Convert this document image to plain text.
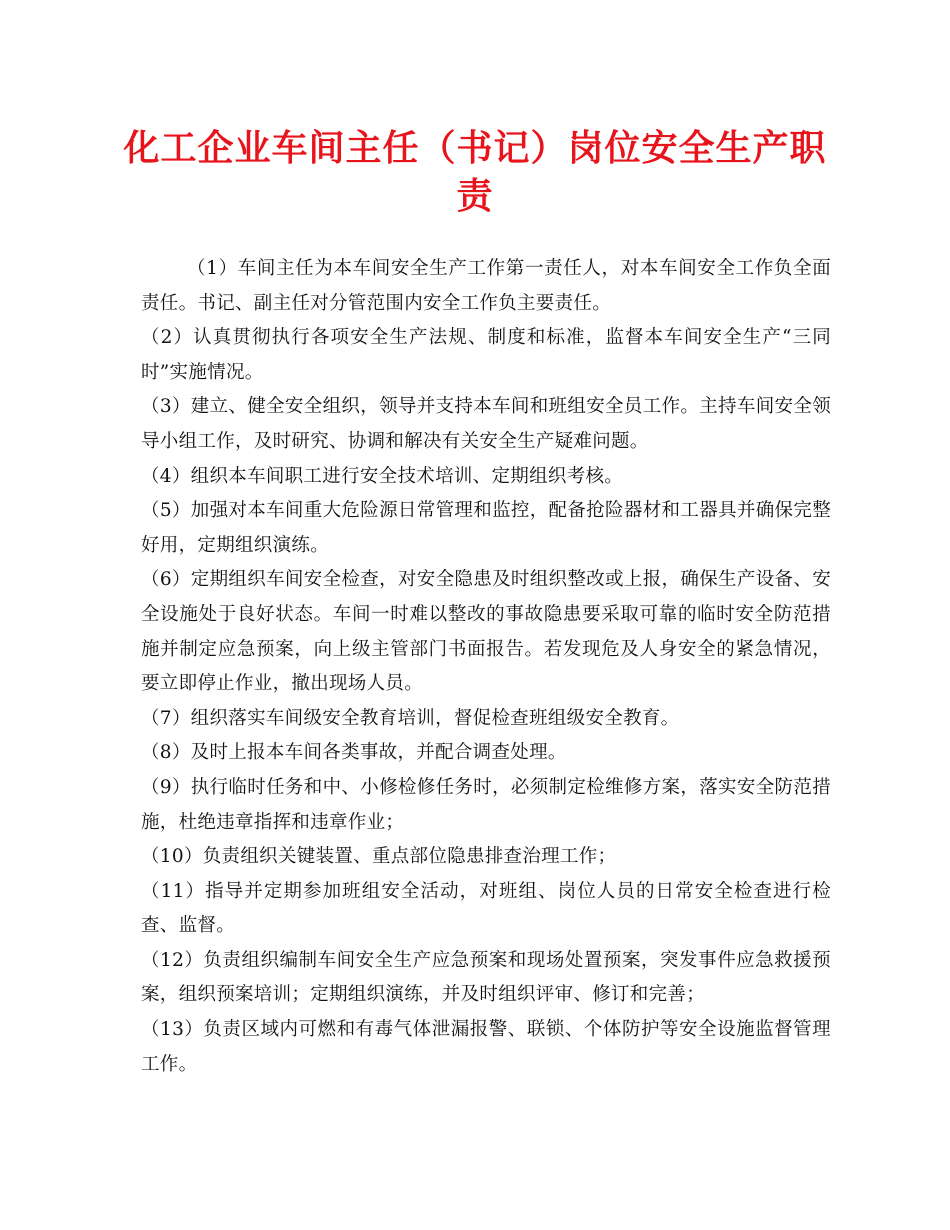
化工企业车间主任（书记）岗位安全生产职责

（1）车间主任为本车间安全生产工作第一责任人，对本车间安全工作负全面责任。书记、副主任对分管范围内安全工作负主要责任。

（2）认真贯彻执行各项安全生产法规、制度和标准，监督本车间安全生产“三同时”实施情况。

（3）建立、健全安全组织，领导并支持本车间和班组安全员工作。主持车间安全领导小组工作，及时研究、协调和解决有关安全生产疑难问题。

（4）组织本车间职工进行安全技术培训、定期组织考核。

（5）加强对本车间重大危险源日常管理和监控，配备抢险器材和工器具并确保完整好用，定期组织演练。

（6）定期组织车间安全检查，对安全隐患及时组织整改或上报，确保生产设备、安全设施处于良好状态。车间一时难以整改的事故隐患要采取可靠的临时安全防范措施并制定应急预案，向上级主管部门书面报告。若发现危及人身安全的紧急情况，要立即停止作业，撤出现场人员。

（7）组织落实车间级安全教育培训，督促检查班组级安全教育。

（8）及时上报本车间各类事故，并配合调查处理。

（9）执行临时任务和中、小修检修任务时，必须制定检维修方案，落实安全防范措施，杜绝违章指挥和违章作业；

（10）负责组织关键装置、重点部位隐患排查治理工作；

（11）指导并定期参加班组安全活动，对班组、岗位人员的日常安全检查进行检查、监督。

（12）负责组织编制车间安全生产应急预案和现场处置预案，突发事件应急救援预案，组织预案培训；定期组织演练，并及时组织评审、修订和完善；

（13）负责区域内可燃和有毒气体泄漏报警、联锁、个体防护等安全设施监督管理工作。
